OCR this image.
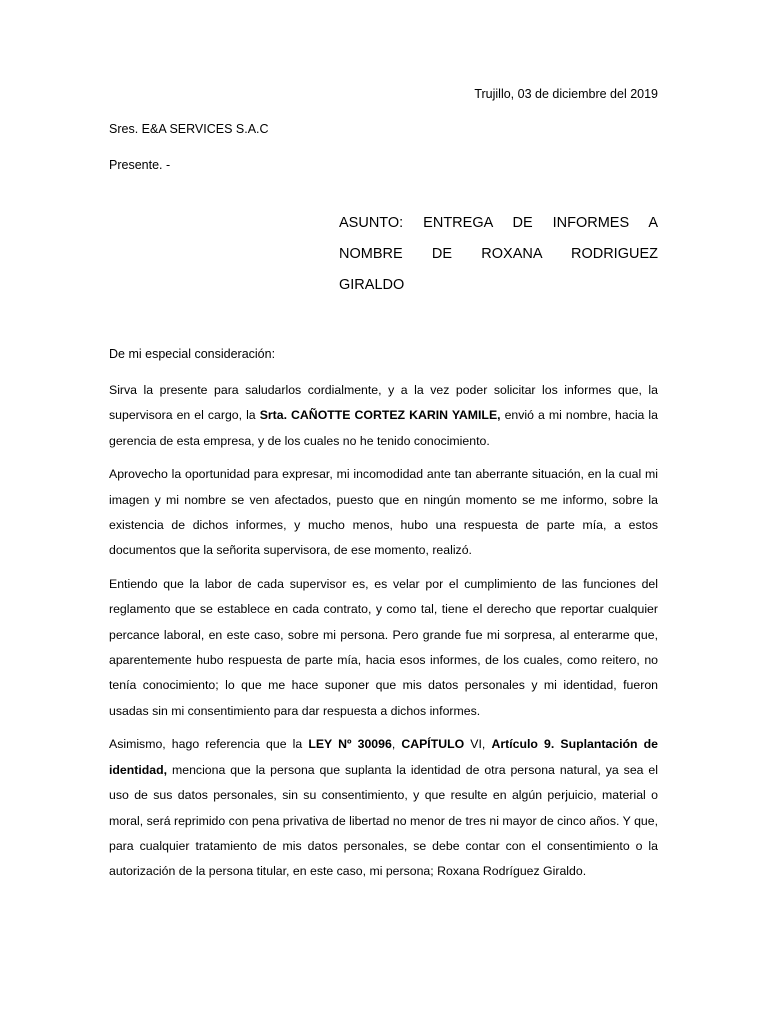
Trujillo, 03 de diciembre del 2019
Sres. E&A SERVICES S.A.C
Presente. -
ASUNTO: ENTREGA DE INFORMES A NOMBRE DE ROXANA RODRIGUEZ GIRALDO
De mi especial consideración:

Sirva la presente para saludarlos cordialmente, y a la vez poder solicitar los informes que, la supervisora en el cargo, la Srta. CAÑOTTE CORTEZ KARIN YAMILE, envió a mi nombre, hacia la gerencia de esta empresa, y de los cuales no he tenido conocimiento.

Aprovecho la oportunidad para expresar, mi incomodidad ante tan aberrante situación, en la cual mi imagen y mi nombre se ven afectados, puesto que en ningún momento se me informo, sobre la existencia de dichos informes, y mucho menos, hubo una respuesta de parte mía, a estos documentos que la señorita supervisora, de ese momento, realizó.

Entiendo que la labor de cada supervisor es, es velar por el cumplimiento de las funciones del reglamento que se establece en cada contrato, y como tal, tiene el derecho que reportar cualquier percance laboral, en este caso, sobre mi persona. Pero grande fue mi sorpresa, al enterarme que, aparentemente hubo respuesta de parte mía, hacia esos informes, de los cuales, como reitero, no tenía conocimiento; lo que me hace suponer que mis datos personales y mi identidad, fueron usadas sin mi consentimiento para dar respuesta a dichos informes.

Asimismo, hago referencia que la LEY Nº 30096, CAPÍTULO VI, Artículo 9. Suplantación de identidad, menciona que la persona que suplanta la identidad de otra persona natural, ya sea el uso de sus datos personales, sin su consentimiento, y que resulte en algún perjuicio, material o moral, será reprimido con pena privativa de libertad no menor de tres ni mayor de cinco años. Y que, para cualquier tratamiento de mis datos personales, se debe contar con el consentimiento o la autorización de la persona titular, en este caso, mi persona; Roxana Rodríguez Giraldo.
